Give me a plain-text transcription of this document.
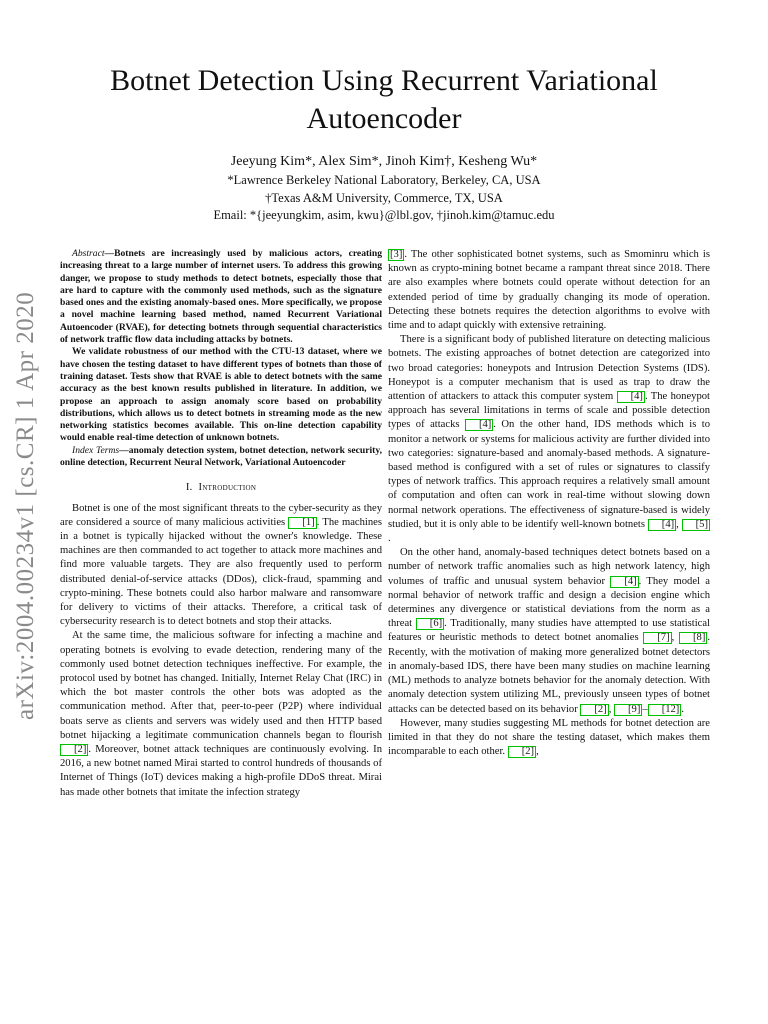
arXiv:2004.00234v1 [cs.CR] 1 Apr 2020
Botnet Detection Using Recurrent Variational
Autoencoder
Jeeyung Kim*, Alex Sim*, Jinoh Kim†, Kesheng Wu*
*Lawrence Berkeley National Laboratory, Berkeley, CA, USA
†Texas A&M University, Commerce, TX, USA
Email: *{jeeyungkim, asim, kwu}@lbl.gov, †jinoh.kim@tamuc.edu

Abstract—Botnets are increasingly used by malicious actors, creating increasing threat to a large number of internet users. To address this growing danger, we propose to study methods to detect botnets, especially those that are hard to capture with the commonly used methods, such as the signature based ones and the existing anomaly-based ones. More specifically, we propose a novel machine learning based method, named Recurrent Variational Autoencoder (RVAE), for detecting botnets through sequential characteristics of network traffic flow data including attacks by botnets.

We validate robustness of our method with the CTU-13 dataset, where we have chosen the testing dataset to have different types of botnets than those of training dataset. Tests show that RVAE is able to detect botnets with the same accuracy as the best known results published in literature. In addition, we propose an approach to assign anomaly score based on probability distributions, which allows us to detect botnets in streaming mode as the new networking statistics becomes available. This on-line detection capability would enable real-time detection of unknown botnets.

Index Terms—anomaly detection system, botnet detection, network security, online detection, Recurrent Neural Network, Variational Autoencoder

I. Introduction

Botnet is one of the most significant threats to the cyber-security as they are considered a source of many malicious activities [1] . The machines in a botnet is typically hijacked without the owner's knowledge. These machines are then commanded to act together to attack more machines and find more valuable targets. They are also frequently used to perform distributed denial-of-service attacks (DDos), click-fraud, spamming and crypto-mining. These botnets could also harbor malware and ransomware for delivery to victims of their attacks. Therefore, a critical task of cybersecurity research is to detect botnets and stop their attacks.

At the same time, the malicious software for infecting a machine and operating botnets is evolving to evade detection, rendering many of the commonly used botnet detection techniques ineffective. For example, the protocol used by botnet has changed. Initially, Internet Relay Chat (IRC) in which the bot master controls the other bots was adopted as the communication method. After that, peer-to-peer (P2P) where individual boats serve as clients and servers was widely used and then HTTP based botnet hijacking a legitimate communication channels began to flourish [2] . Moreover, botnet attack techniques are continuously evolving. In 2016, a new botnet named Mirai started to control hundreds of thousands of Internet of Things (IoT) devices making a high-profile DDoS threat. Mirai has made other botnets that imitate the infection strategy

[3] . The other sophisticated botnet systems, such as Smominru which is known as crypto-mining botnet became a rampant threat since 2018. There are also examples where botnets could operate without detection for an extended period of time by gradually changing its mode of operation. Detecting these botnets requires the detection algorithms to evolve with time and to adapt quickly with extensive retraining.

There is a significant body of published literature on detecting malicious botnets. The existing approaches of botnet detection are categorized into two broad categories: honeypots and Intrusion Detection Systems (IDS). Honeypot is a computer mechanism that is used as trap to draw the attention of attackers to attack this computer system [4] . The honeypot approach has several limitations in terms of scale and possible detection types of attacks [4] . On the other hand, IDS methods which is to monitor a network or systems for malicious activity are further divided into two categories: signature-based and anomaly-based methods. A signature-based method is configured with a set of rules or signatures to classify types of network traffics. This approach requires a relatively small amount of computation and often can work in real-time without slowing down normal network operations. The effectiveness of signature-based is widely studied, but it is only able to be identify well-known botnets [4] , [5].

On the other hand, anomaly-based techniques detect botnets based on a number of network traffic anomalies such as high network latency, high volumes of traffic and unusual system behavior [4] . They model a normal behavior of network traffic and design a decision engine which determines any divergence or statistical deviations from the norm as a threat [6] . Traditionally, many studies have attempted to use statistical features or heuristic methods to detect botnet anomalies [7] , [8] . Recently, with the motivation of making more generalized botnet detectors in anomaly-based IDS, there have been many studies on machine learning (ML) methods to analyze botnets behavior for the anomaly detection. With anomaly detection system utilizing ML, previously unseen types of botnet attacks can be detected based on its behavior [2] , [9] – [12] .

However, many studies suggesting ML methods for botnet detection are limited in that they do not share the testing dataset, which makes them incomparable to each other. [2] ,
